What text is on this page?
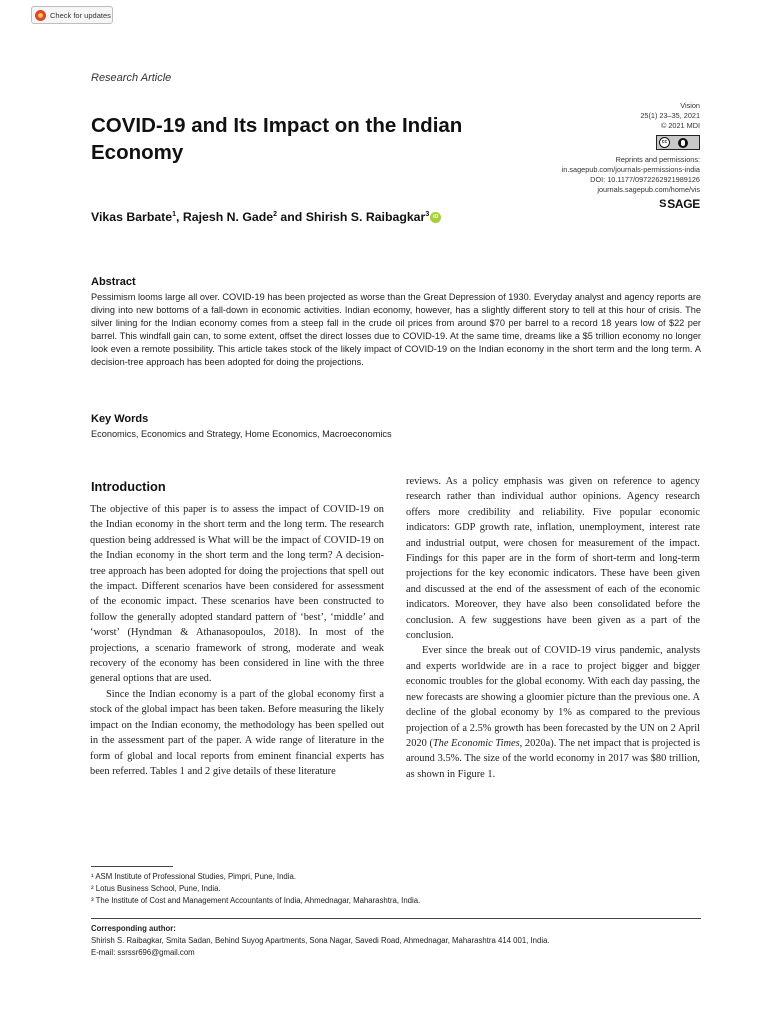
Check for updates
Research Article
COVID-19 and Its Impact on the Indian Economy
Vision
25(1) 23–35, 2021
© 2021 MDI
cc
Reprints and permissions:
in.sagepub.com/journals-permissions-india
DOI: 10.1177/0972262921989126
journals.sagepub.com/home/vis
S SAGE
Vikas Barbate$^1$, Rajesh N. Gade$^2$ and Shirish S. Raibagkar$^3$ iD
Abstract

Pessimism looms large all over. COVID-19 has been projected as worse than the Great Depression of 1930. Everyday analyst and agency reports are diving into new bottoms of a fall-down in economic activities. Indian economy, however, has a slightly different story to tell at this hour of crisis. The silver lining for the Indian economy comes from a steep fall in the crude oil prices from around $70 per barrel to a record 18 years low of $22 per barrel. This windfall gain can, to some extent, offset the direct losses due to COVID-19. At the same time, dreams like a $5 trillion economy no longer look even a remote possibility. This article takes stock of the likely impact of COVID-19 on the Indian economy in the short term and the long term. A decision-tree approach has been adopted for doing the projections.

Key Words

Economics, Economics and Strategy, Home Economics, Macroeconomics

Introduction

The objective of this paper is to assess the impact of COVID-19 on the Indian economy in the short term and the long term. The research question being addressed is What will be the impact of COVID-19 on the Indian economy in the short term and the long term? A decision-tree approach has been adopted for doing the projections that spell out the impact. Different scenarios have been considered for assessment of the economic impact. These scenarios have been constructed to follow the generally adopted standard pattern of ‘best’, ‘middle’ and ‘worst’ (Hyndman & Athanasopoulos, 2018). In most of the projections, a scenario framework of strong, moderate and weak recovery of the economy has been considered in line with the three general options that are used.

Since the Indian economy is a part of the global economy first a stock of the global impact has been taken. Before measuring the likely impact on the Indian economy, the methodology has been spelled out in the assessment part of the paper. A wide range of literature in the form of global and local reports from eminent financial experts has been referred. Tables 1 and 2 give details of these literature

reviews. As a policy emphasis was given on reference to agency research rather than individual author opinions. Agency research offers more credibility and reliability. Five popular economic indicators: GDP growth rate, inflation, unemployment, interest rate and industrial output, were chosen for measurement of the impact. Findings for this paper are in the form of short-term and long-term projections for the key economic indicators. These have been given and discussed at the end of the assessment of each of the economic indicators. Moreover, they have also been consolidated before the conclusion. A few suggestions have been given as a part of the conclusion.

Ever since the break out of COVID-19 virus pandemic, analysts and experts worldwide are in a race to project bigger and bigger economic troubles for the global economy. With each day passing, the new forecasts are showing a gloomier picture than the previous one. A decline of the global economy by 1% as compared to the previous projection of a 2.5% growth has been forecasted by the UN on 2 April 2020 (The Economic Times, 2020a). The net impact that is projected is around 3.5%. The size of the world economy in 2017 was $80 trillion, as shown in Figure 1.

¹ ASM Institute of Professional Studies, Pimpri, Pune, India.
² Lotus Business School, Pune, India.
³ The Institute of Cost and Management Accountants of India, Ahmednagar, Maharashtra, India.
Corresponding author:
Shirish S. Raibagkar, Smita Sadan, Behind Suyog Apartments, Sona Nagar, Savedi Road, Ahmednagar, Maharashtra 414 001, India.
E-mail: ssrssr696@gmail.com
